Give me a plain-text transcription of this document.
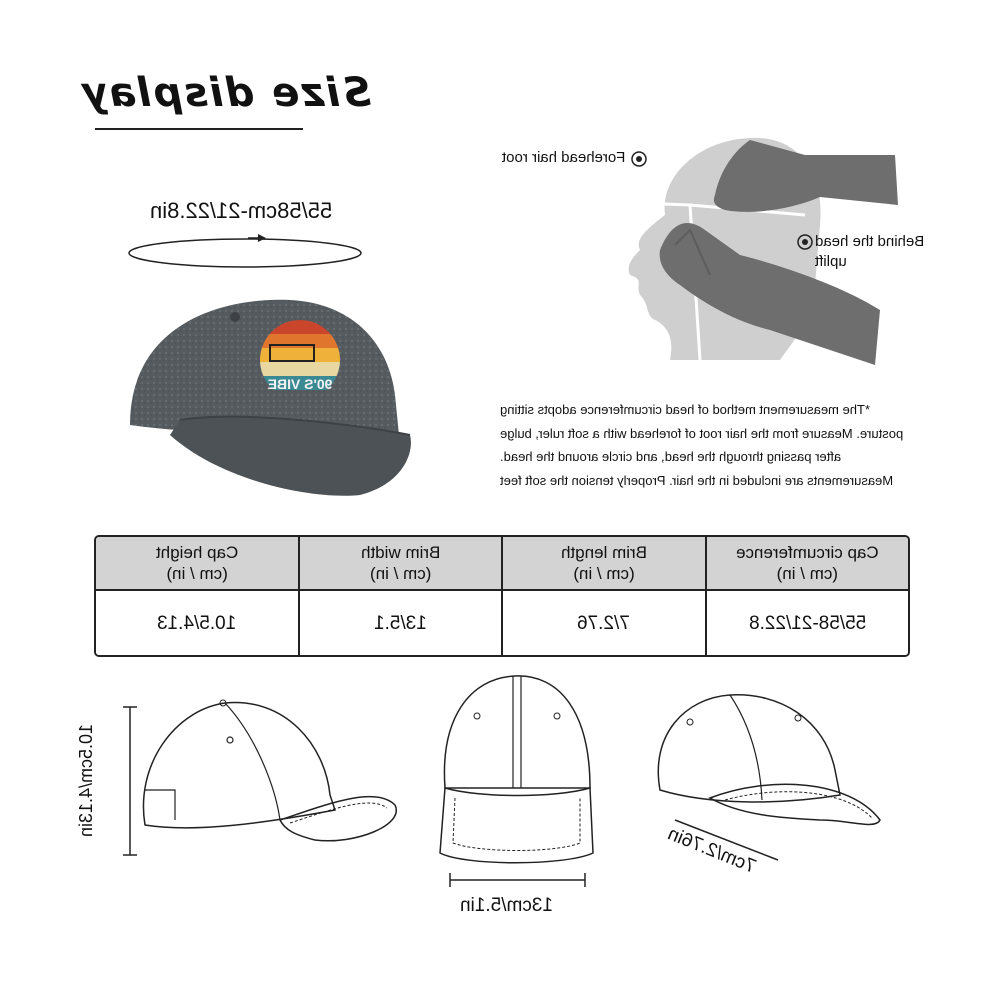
Size display
55/58cm-21/22.8in
90'S VIBE
Forehead hair root
Behind the head uplift
*The measurement method of head circumference adopts sitting posture. Measure from the hair root of forehead with a soft ruler, bulge after passing through the head, and circle around the head. Measurements are included in the hair. Properly tension the soft feet
Cap height
(cm / in)
Brim width
(cm / in)
Brim length
(cm / in)
Cap circumference
(cm / in)
10.5/4.13	13/5.1	7/2.76	55/58-21/22.8
10.5cm/4.13in
13cm/5.1in
7cm/2.76in
